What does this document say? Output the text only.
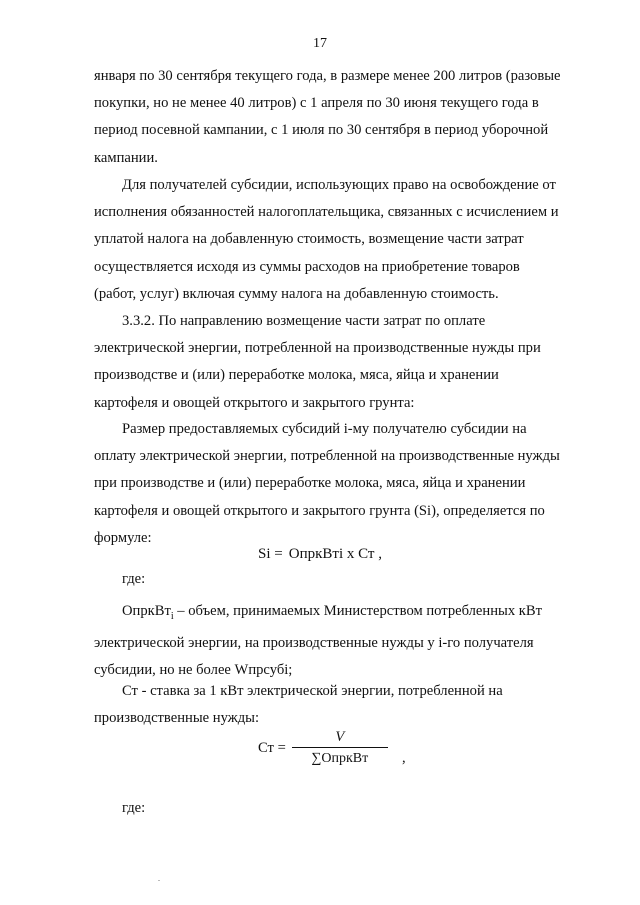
17

января по 30 сентября текущего года, в размере менее 200 литров (разовые

покупки, но не менее 40 литров) с 1 апреля по 30 июня текущего года в

период посевной кампании, с 1 июля по 30 сентября в период уборочной

кампании.

Для получателей субсидии, использующих право на освобождение от

исполнения обязанностей налогоплательщика, связанных с исчислением и

уплатой налога на добавленную стоимость, возмещение части затрат

осуществляется исходя из суммы расходов на приобретение товаров

(работ, услуг) включая сумму налога на добавленную стоимость.

3.3.2. По направлению возмещение части затрат по оплате

электрической энергии, потребленной на производственные нужды при

производстве и (или) переработке молока, мяса, яйца и хранении

картофеля и овощей открытого и закрытого грунта:

Размер предоставляемых субсидий i-му получателю субсидии на

оплату электрической энергии, потребленной на производственные нужды

при производстве и (или) переработке молока, мяса, яйца и хранении

картофеля и овощей открытого и закрытого грунта (Si), определяется по

формуле:

Si = ОпркВтi x Ст ,
где:

ОпркВт$_i$ – объем, принимаемых Министерством потребленных кВт

электрической энергии, на производственные нужды у i-го получателя

субсидии, но не более Wпрсубi;

Ст - ставка за 1 кВт электрической энергии, потребленной на

производственные нужды:

Ст = $\frac{V}{\text{∑ОпркВт}}$ ,
где:
